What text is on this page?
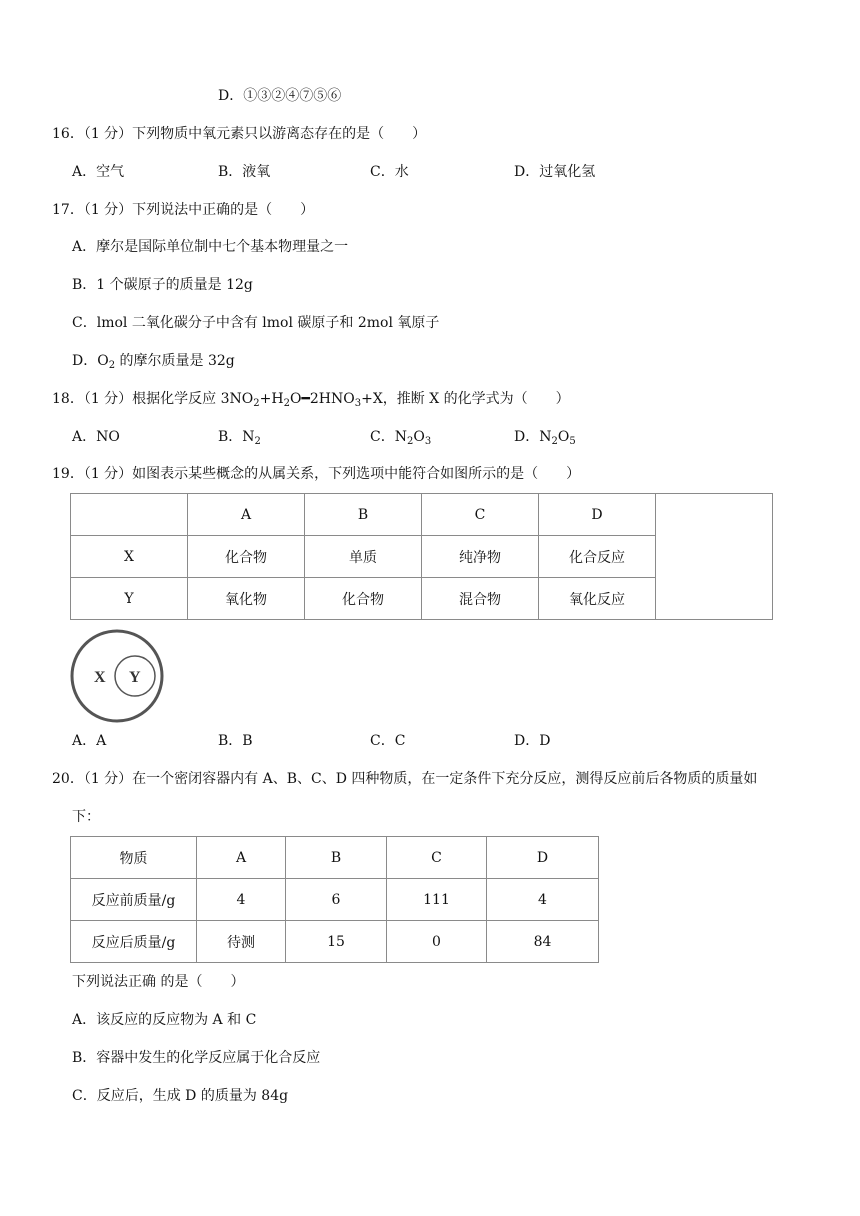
D．①③②④⑦⑤⑥
16．（1 分）下列物质中氧元素只以游离态存在的是（　　）
A．空气	B．液氧	C．水	D．过氧化氢
17．（1 分）下列说法中正确的是（　　）
A．摩尔是国际单位制中七个基本物理量之一
B．1 个碳原子的质量是 12g
C．lmol 二氧化碳分子中含有 lmol 碳原子和 2mol 氧原子
D．$O_2$ 的摩尔质量是 32g
18．（1 分）根据化学反应 $3NO_2+H_2O━2HNO_3+X$，推断 X 的化学式为（　　）
A．NO	B．$N_2$	C．$N_2O_3$	D．$N_2O_5$
19．（1 分）如图表示某些概念的从属关系，下列选项中能符合如图所示的是（　　）
	A	B	C	D	
X	化合物	单质	纯净物	化合反应	
Y	氧化物	化合物	混合物	氧化反应	
X Y
A．A	B．B	C．C	D．D
20．（1 分）在一个密闭容器内有 A、B、C、D 四种物质，在一定条件下充分反应，测得反应前后各物质的质量如
下：
物质	A	B	C	D
反应前质量/g	4	6	111	4
反应后质量/g	待测	15	0	84
下列说法正确 的是（　　）
A．该反应的反应物为 A 和 C
B．容器中发生的化学反应属于化合反应
C．反应后，生成 D 的质量为 84g
